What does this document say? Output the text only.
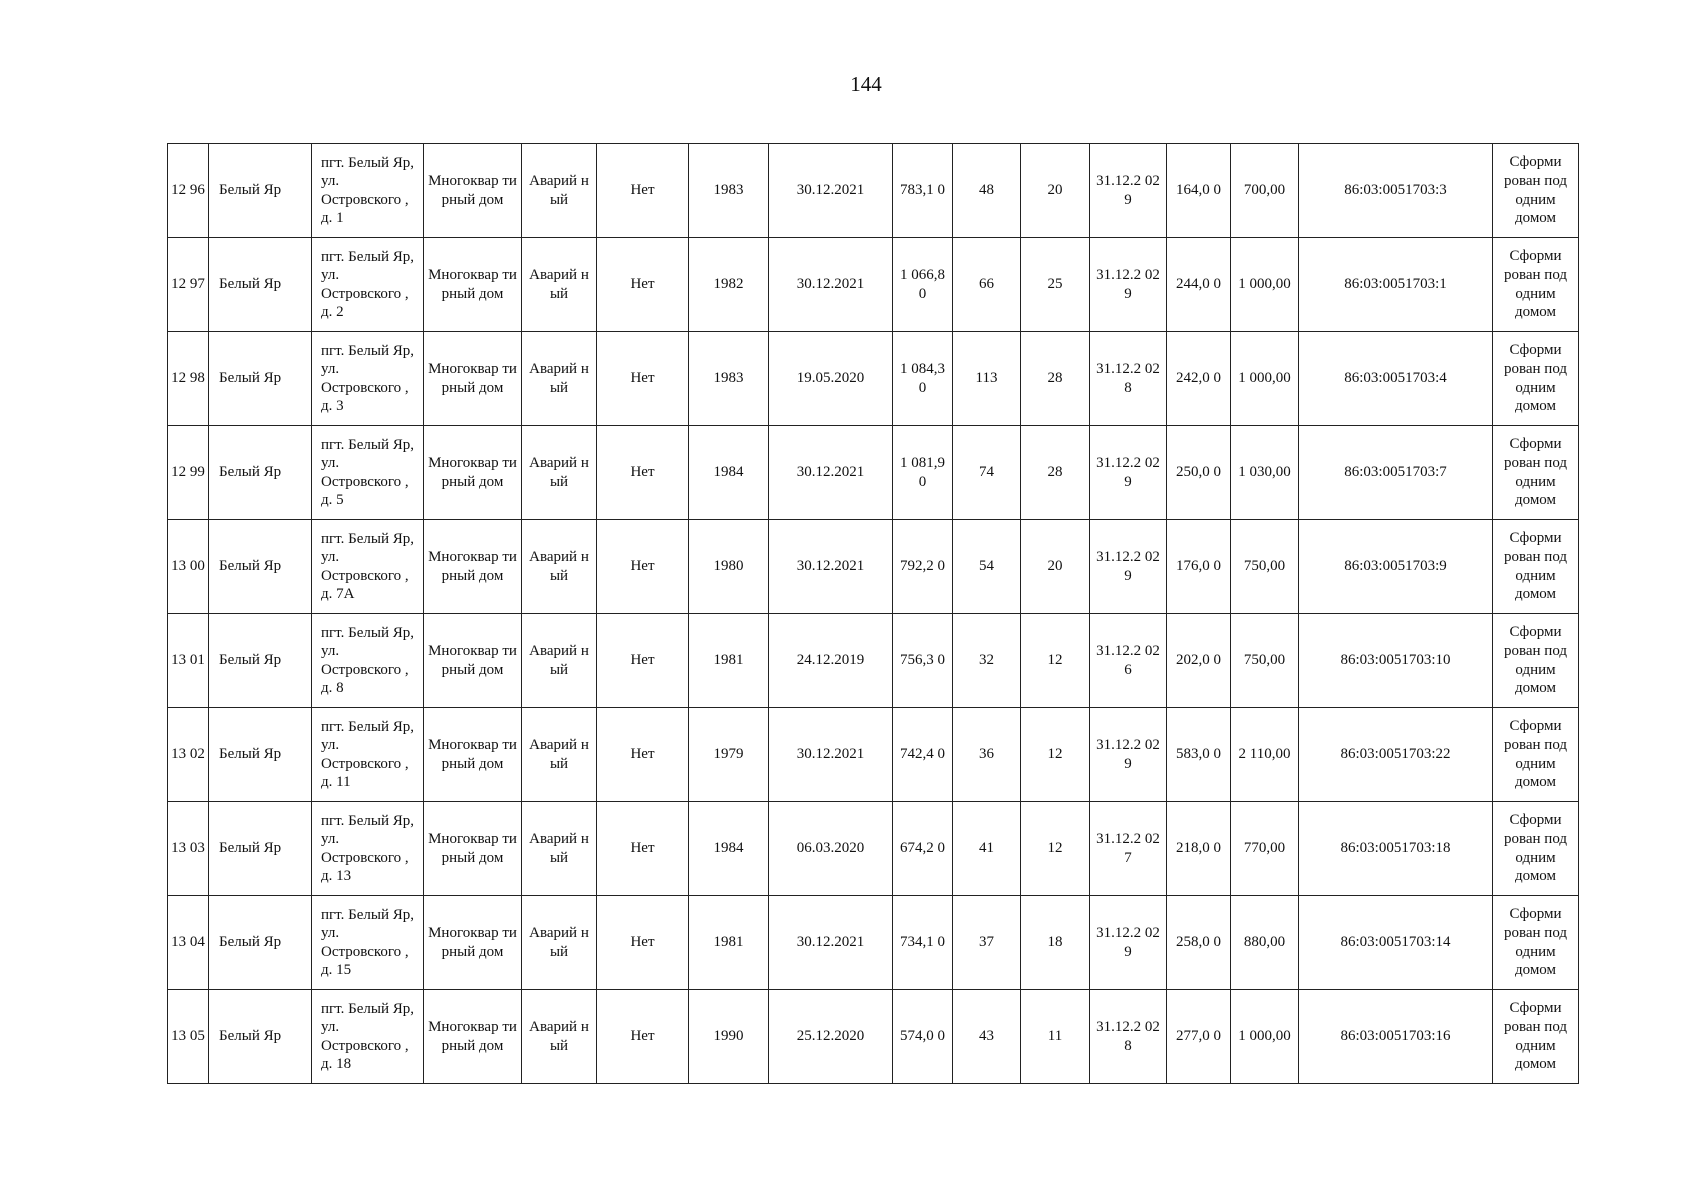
144
12 96	Белый Яр	пгт. Белый Яр, ул. Островского , д. 1	Многоквар тирный дом	Аварий ный	Нет	1983	30.12.2021	783,1 0	48	20	31.12.2 029	164,0 0	700,00	86:03:0051703:3	Сформи рован под одним домом
12 97	Белый Яр	пгт. Белый Яр, ул. Островского , д. 2	Многоквар тирный дом	Аварий ный	Нет	1982	30.12.2021	1 066,8 0	66	25	31.12.2 029	244,0 0	1 000,00	86:03:0051703:1	Сформи рован под одним домом
12 98	Белый Яр	пгт. Белый Яр, ул. Островского , д. 3	Многоквар тирный дом	Аварий ный	Нет	1983	19.05.2020	1 084,3 0	113	28	31.12.2 028	242,0 0	1 000,00	86:03:0051703:4	Сформи рован под одним домом
12 99	Белый Яр	пгт. Белый Яр, ул. Островского , д. 5	Многоквар тирный дом	Аварий ный	Нет	1984	30.12.2021	1 081,9 0	74	28	31.12.2 029	250,0 0	1 030,00	86:03:0051703:7	Сформи рован под одним домом
13 00	Белый Яр	пгт. Белый Яр, ул. Островского , д. 7А	Многоквар тирный дом	Аварий ный	Нет	1980	30.12.2021	792,2 0	54	20	31.12.2 029	176,0 0	750,00	86:03:0051703:9	Сформи рован под одним домом
13 01	Белый Яр	пгт. Белый Яр, ул. Островского , д. 8	Многоквар тирный дом	Аварий ный	Нет	1981	24.12.2019	756,3 0	32	12	31.12.2 026	202,0 0	750,00	86:03:0051703:10	Сформи рован под одним домом
13 02	Белый Яр	пгт. Белый Яр, ул. Островского , д. 11	Многоквар тирный дом	Аварий ный	Нет	1979	30.12.2021	742,4 0	36	12	31.12.2 029	583,0 0	2 110,00	86:03:0051703:22	Сформи рован под одним домом
13 03	Белый Яр	пгт. Белый Яр, ул. Островского , д. 13	Многоквар тирный дом	Аварий ный	Нет	1984	06.03.2020	674,2 0	41	12	31.12.2 027	218,0 0	770,00	86:03:0051703:18	Сформи рован под одним домом
13 04	Белый Яр	пгт. Белый Яр, ул. Островского , д. 15	Многоквар тирный дом	Аварий ный	Нет	1981	30.12.2021	734,1 0	37	18	31.12.2 029	258,0 0	880,00	86:03:0051703:14	Сформи рован под одним домом
13 05	Белый Яр	пгт. Белый Яр, ул. Островского , д. 18	Многоквар тирный дом	Аварий ный	Нет	1990	25.12.2020	574,0 0	43	11	31.12.2 028	277,0 0	1 000,00	86:03:0051703:16	Сформи рован под одним домом
